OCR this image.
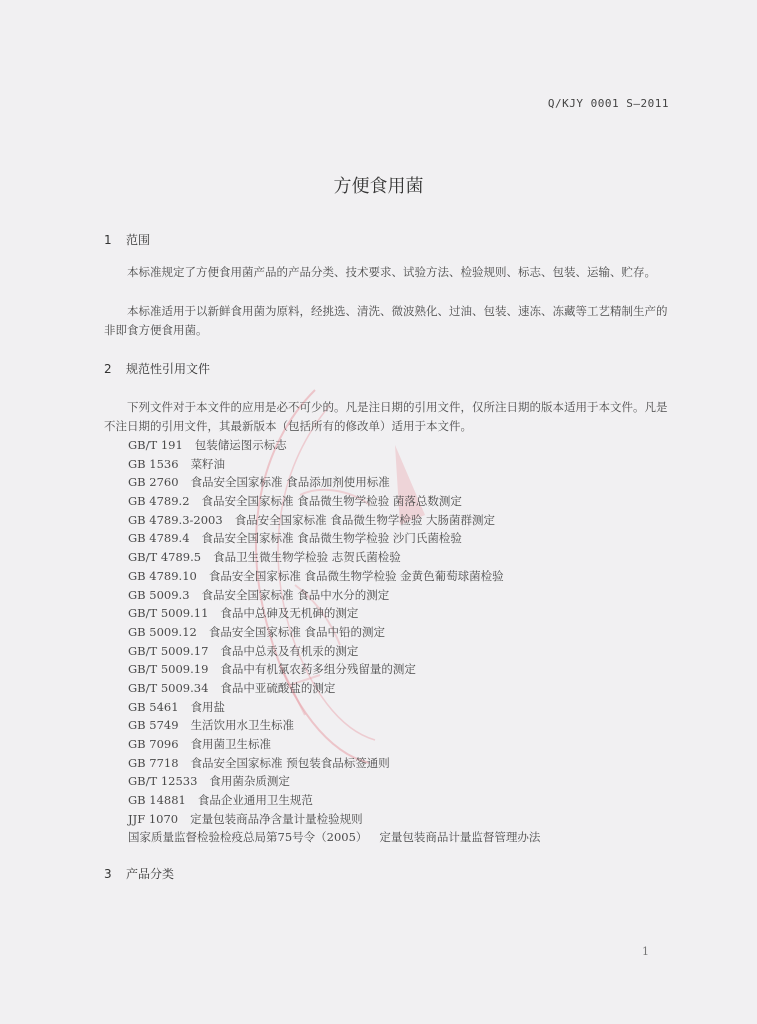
Q/KJY 0001 S—2011
方便食用菌
1 范围
本标准规定了方便食用菌产品的产品分类、技术要求、试验方法、检验规则、标志、包装、运输、贮存。
本标准适用于以新鲜食用菌为原料，经挑选、清洗、微波熟化、过油、包装、速冻、冻藏等工艺精制生产的非即食方便食用菌。
2 规范性引用文件
下列文件对于本文件的应用是必不可少的。凡是注日期的引用文件，仅所注日期的版本适用于本文件。凡是不注日期的引用文件，其最新版本（包括所有的修改单）适用于本文件。
GB/T 191 包装储运图示标志
GB 1536 菜籽油
GB 2760 食品安全国家标准 食品添加剂使用标准
GB 4789.2 食品安全国家标准 食品微生物学检验 菌落总数测定
GB 4789.3-2003 食品安全国家标准 食品微生物学检验 大肠菌群测定
GB 4789.4 食品安全国家标准 食品微生物学检验 沙门氏菌检验
GB/T 4789.5 食品卫生微生物学检验 志贺氏菌检验
GB 4789.10 食品安全国家标准 食品微生物学检验 金黄色葡萄球菌检验
GB 5009.3 食品安全国家标准 食品中水分的测定
GB/T 5009.11 食品中总砷及无机砷的测定
GB 5009.12 食品安全国家标准 食品中铅的测定
GB/T 5009.17 食品中总汞及有机汞的测定
GB/T 5009.19 食品中有机氯农药多组分残留量的测定
GB/T 5009.34 食品中亚硫酸盐的测定
GB 5461 食用盐
GB 5749 生活饮用水卫生标准
GB 7096 食用菌卫生标准
GB 7718 食品安全国家标准 预包装食品标签通则
GB/T 12533 食用菌杂质测定
GB 14881 食品企业通用卫生规范
JJF 1070 定量包装商品净含量计量检验规则
国家质量监督检验检疫总局第75号令（2005） 定量包装商品计量监督管理办法
3 产品分类
1
